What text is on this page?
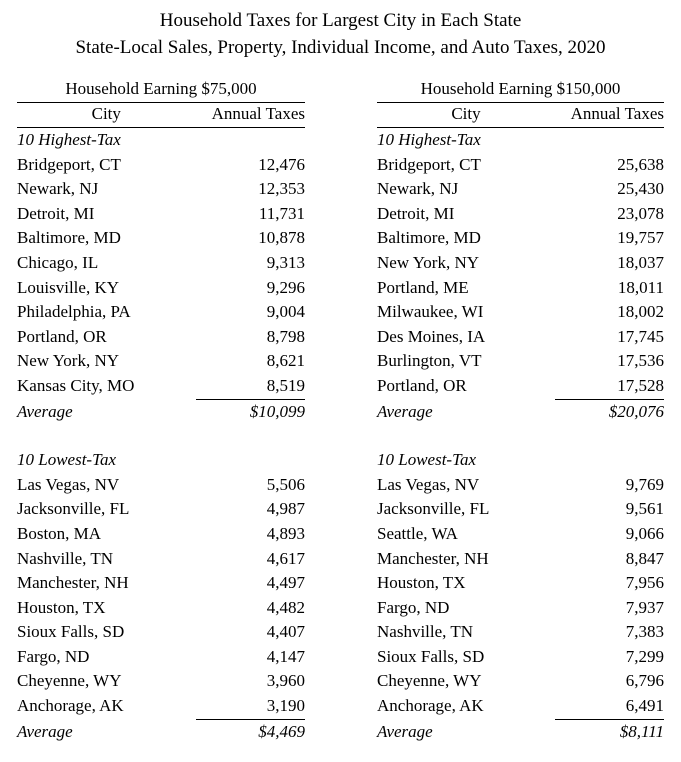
Household Taxes for Largest City in Each State
State-Local Sales, Property, Individual Income, and Auto Taxes, 2020
Household Earning $75,000
City	Annual Taxes
10 Highest-Tax	
Bridgeport, CT	12,476
Newark, NJ	12,353
Detroit, MI	11,731
Baltimore, MD	10,878
Chicago, IL	9,313
Louisville, KY	9,296
Philadelphia, PA	9,004
Portland, OR	8,798
New York, NY	8,621
Kansas City, MO	8,519
Average	$10,099

10 Lowest-Tax	
Las Vegas, NV	5,506
Jacksonville, FL	4,987
Boston, MA	4,893
Nashville, TN	4,617
Manchester, NH	4,497
Houston, TX	4,482
Sioux Falls, SD	4,407
Fargo, ND	4,147
Cheyenne, WY	3,960
Anchorage, AK	3,190
Average	$4,469
Household Earning $150,000
City	Annual Taxes
10 Highest-Tax	
Bridgeport, CT	25,638
Newark, NJ	25,430
Detroit, MI	23,078
Baltimore, MD	19,757
New York, NY	18,037
Portland, ME	18,011
Milwaukee, WI	18,002
Des Moines, IA	17,745
Burlington, VT	17,536
Portland, OR	17,528
Average	$20,076

10 Lowest-Tax	
Las Vegas, NV	9,769
Jacksonville, FL	9,561
Seattle, WA	9,066
Manchester, NH	8,847
Houston, TX	7,956
Fargo, ND	7,937
Nashville, TN	7,383
Sioux Falls, SD	7,299
Cheyenne, WY	6,796
Anchorage, AK	6,491
Average	$8,111
